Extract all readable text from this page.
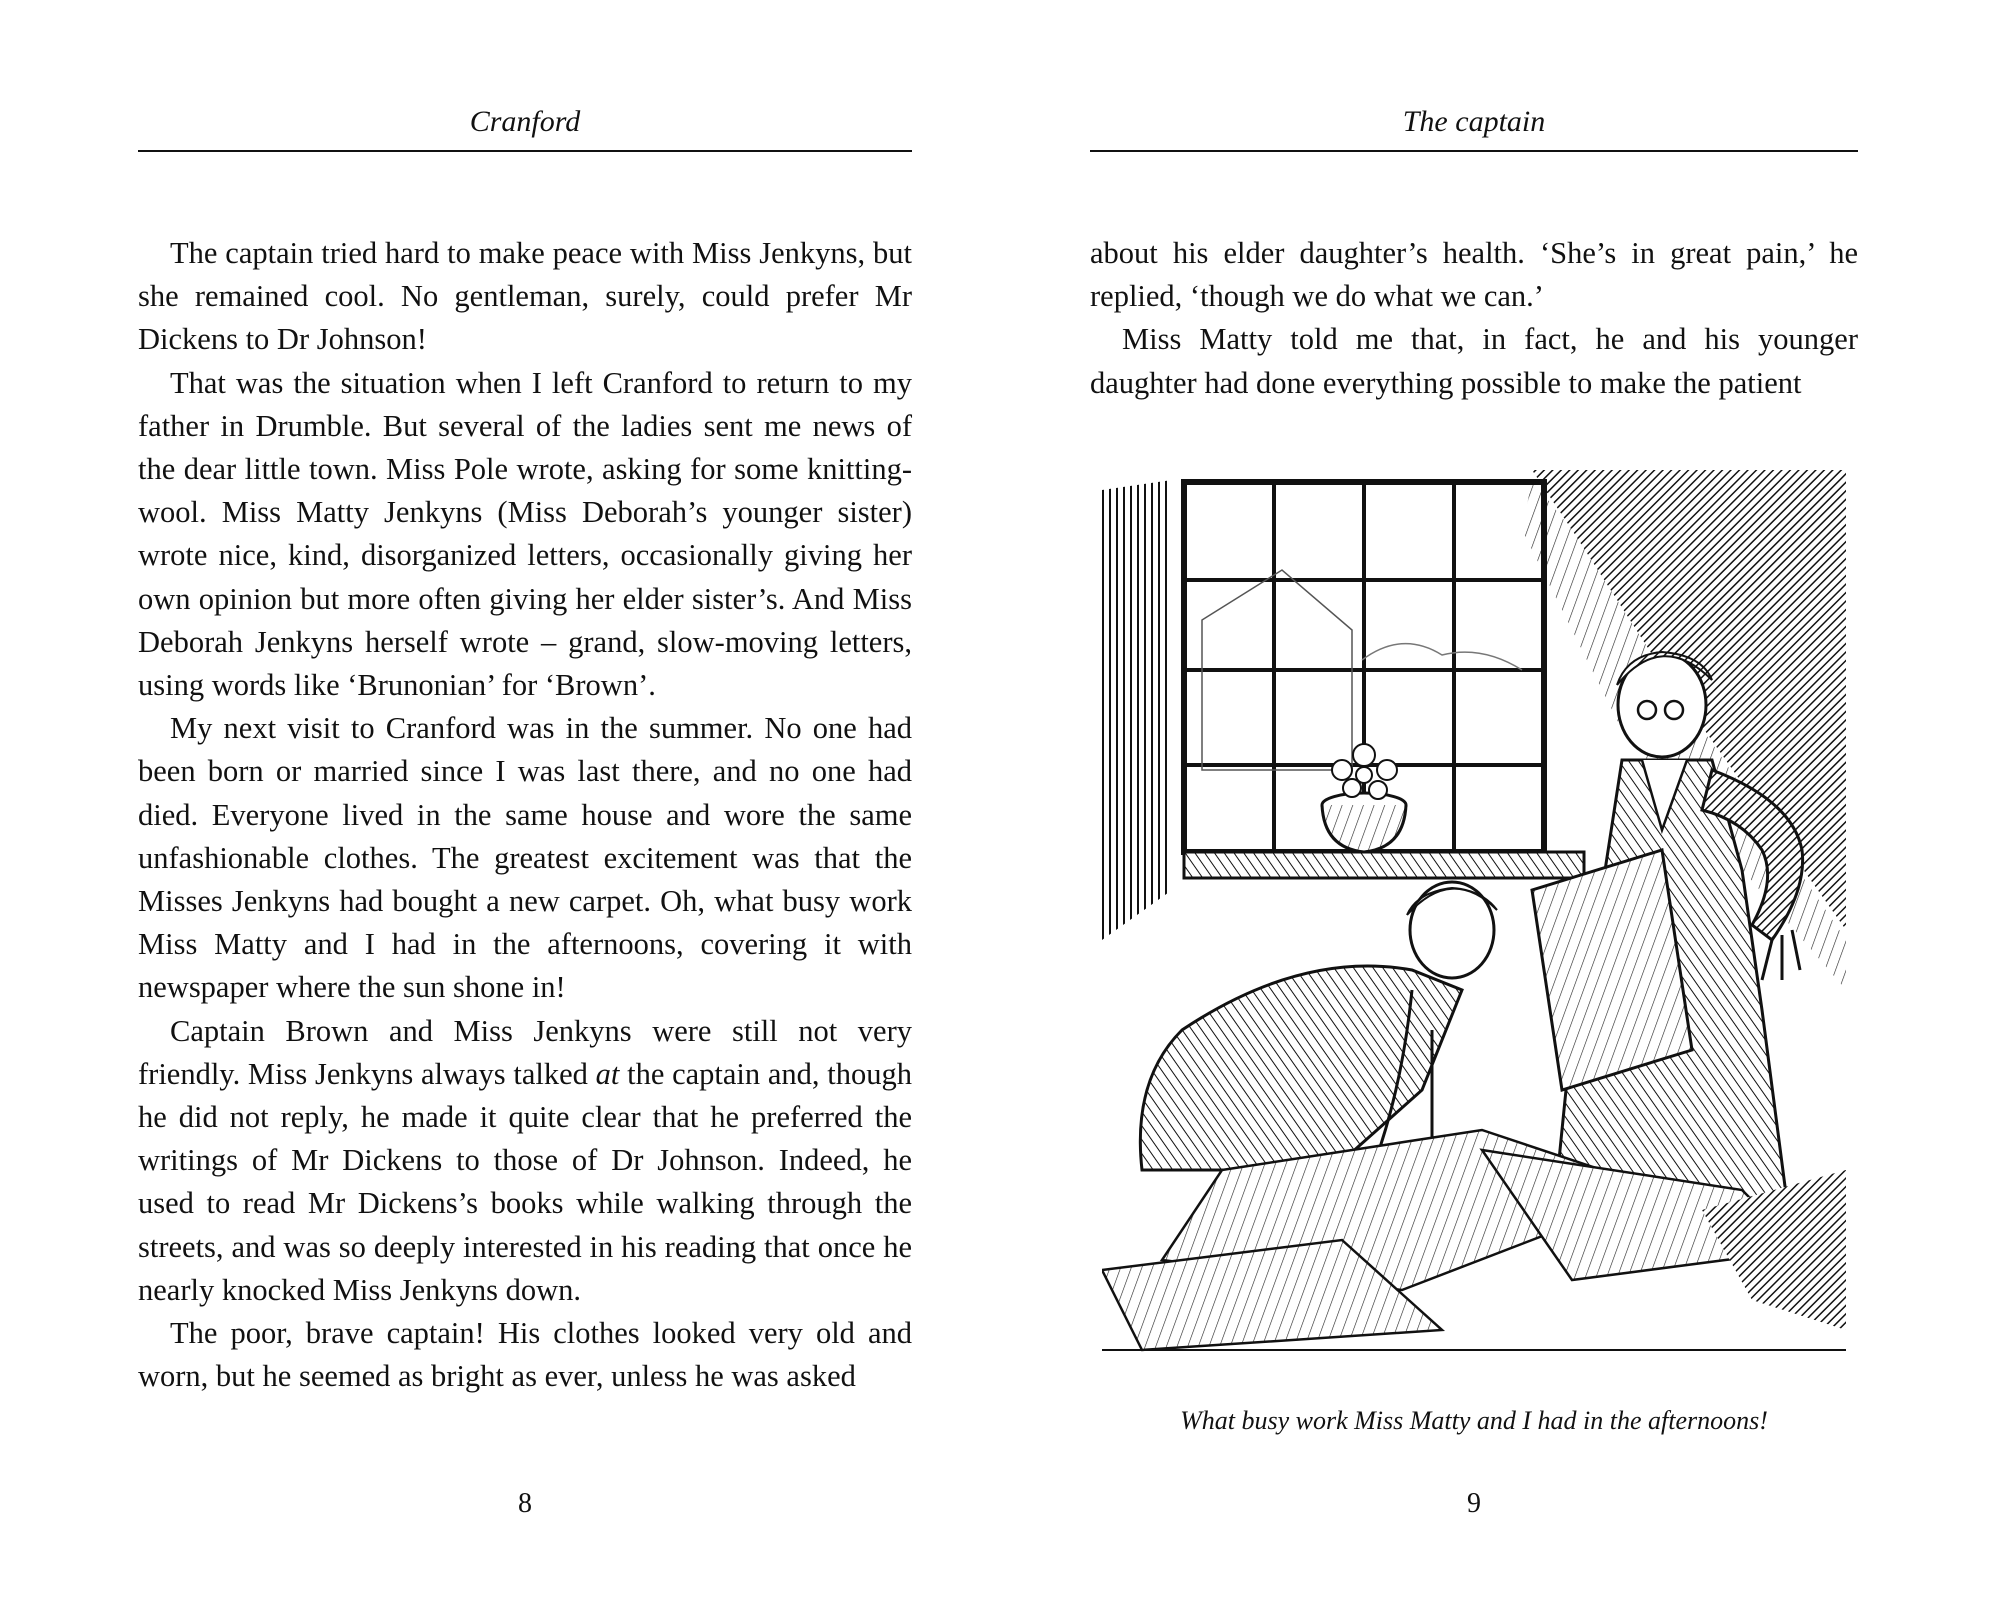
Cranford

The captain tried hard to make peace with Miss Jenkyns, but she remained cool. No gentleman, surely, could prefer Mr Dickens to Dr Johnson!

That was the situation when I left Cranford to return to my father in Drumble. But several of the ladies sent me news of the dear little town. Miss Pole wrote, asking for some knitting-wool. Miss Matty Jenkyns (Miss Deborah’s younger sister) wrote nice, kind, disorganized letters, occasionally giving her own opinion but more often giving her elder sister’s. And Miss Deborah Jenkyns herself wrote – grand, slow-moving letters, using words like ‘Brunonian’ for ‘Brown’.

My next visit to Cranford was in the summer. No one had been born or married since I was last there, and no one had died. Everyone lived in the same house and wore the same unfashionable clothes. The greatest excitement was that the Misses Jenkyns had bought a new carpet. Oh, what busy work Miss Matty and I had in the afternoons, covering it with newspaper where the sun shone in!

Captain Brown and Miss Jenkyns were still not very friendly. Miss Jenkyns always talked at the captain and, though he did not reply, he made it quite clear that he preferred the writings of Mr Dickens to those of Dr Johnson. Indeed, he used to read Mr Dickens’s books while walking through the streets, and was so deeply interested in his reading that once he nearly knocked Miss Jenkyns down.

The poor, brave captain! His clothes looked very old and worn, but he seemed as bright as ever, unless he was asked

8
The captain

about his elder daughter’s health. ‘She’s in great pain,’ he replied, ‘though we do what we can.’

Miss Matty told me that, in fact, he and his younger daughter had done everything possible to make the patient

What busy work Miss Matty and I had in the afternoons!
9
